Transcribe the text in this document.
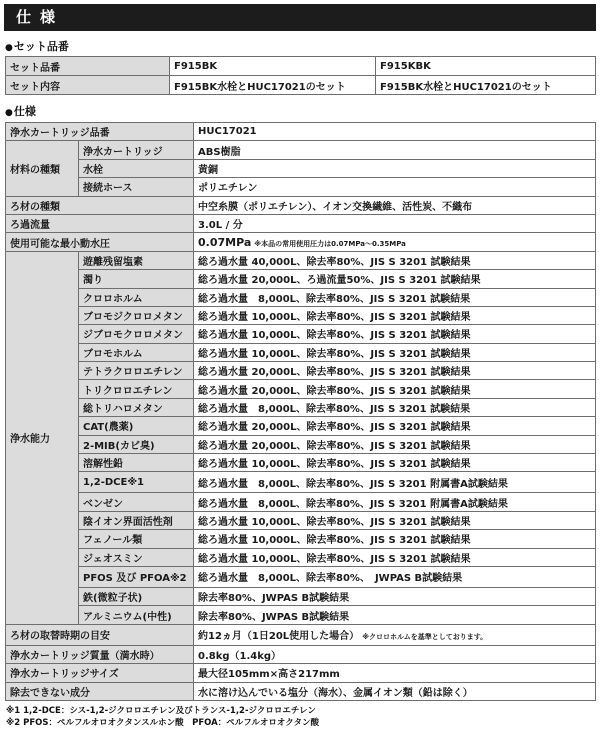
仕様
●セット品番
セット品番	F915BK	F915KBK
セット内容	F915BK水栓とHUC17021のセット	F915BK水栓とHUC17021のセット
●仕様
浄水カートリッジ品番		HUC17021
材料の種類	浄水カートリッジ	ABS樹脂
	水栓	黄銅
	接続ホース	ポリエチレン
ろ材の種類		中空糸膜（ポリエチレン）、イオン交換繊維、活性炭、不織布
ろ過流量		3.0L / 分
使用可能な最小動水圧		0.07MPa ※本品の常用使用圧力は0.07MPa〜0.35MPa
浄水能力	遊離残留塩素	総ろ過水量 40,000L、除去率80%、JIS S 3201 試験結果
	濁り	総ろ過水量 20,000L、ろ過流量50%、JIS S 3201 試験結果
	クロロホルム	総ろ過水量　8,000L、除去率80%、JIS S 3201 試験結果
	ブロモジクロロメタン	総ろ過水量 10,000L、除去率80%、JIS S 3201 試験結果
	ジブロモクロロメタン	総ろ過水量 10,000L、除去率80%、JIS S 3201 試験結果
	ブロモホルム	総ろ過水量 10,000L、除去率80%、JIS S 3201 試験結果
	テトラクロロエチレン	総ろ過水量 20,000L、除去率80%、JIS S 3201 試験結果
	トリクロロエチレン	総ろ過水量 20,000L、除去率80%、JIS S 3201 試験結果
	総トリハロメタン	総ろ過水量　8,000L、除去率80%、JIS S 3201 試験結果
	CAT(農薬)	総ろ過水量 20,000L、除去率80%、JIS S 3201 試験結果
	2-MIB(カビ臭)	総ろ過水量 20,000L、除去率80%、JIS S 3201 試験結果
	溶解性鉛	総ろ過水量 10,000L、除去率80%、JIS S 3201 試験結果
	1,2-DCE※1	総ろ過水量　8,000L、除去率80%、JIS S 3201 附属書A試験結果
	ベンゼン	総ろ過水量　8,000L、除去率80%、JIS S 3201 附属書A試験結果
	陰イオン界面活性剤	総ろ過水量 10,000L、除去率80%、JIS S 3201 試験結果
	フェノール類	総ろ過水量 10,000L、除去率80%、JIS S 3201 試験結果
	ジェオスミン	総ろ過水量 10,000L、除去率80%、JIS S 3201 試験結果
	PFOS 及び PFOA※2	総ろ過水量　8,000L、除去率80%、　JWPAS B試験結果
	鉄(微粒子状)	除去率80%、JWPAS B試験結果
	アルミニウム(中性)	除去率80%、JWPAS B試験結果
ろ材の取替時期の目安		約12ヵ月（1日20L使用した場合） ※クロロホルムを基準としております。
浄水カートリッジ質量（満水時）		0.8kg（1.4kg）
浄水カートリッジサイズ		最大径105mm×高さ217mm
除去できない成分		水に溶け込んでいる塩分（海水）、金属イオン類（鉛は除く）
※1 1,2-DCE：シス-1,2-ジクロロエチレン及びトランス-1,2-ジクロロエチレン
※2 PFOS：ペルフルオロオクタンスルホン酸　PFOA：ペルフルオロオクタン酸
